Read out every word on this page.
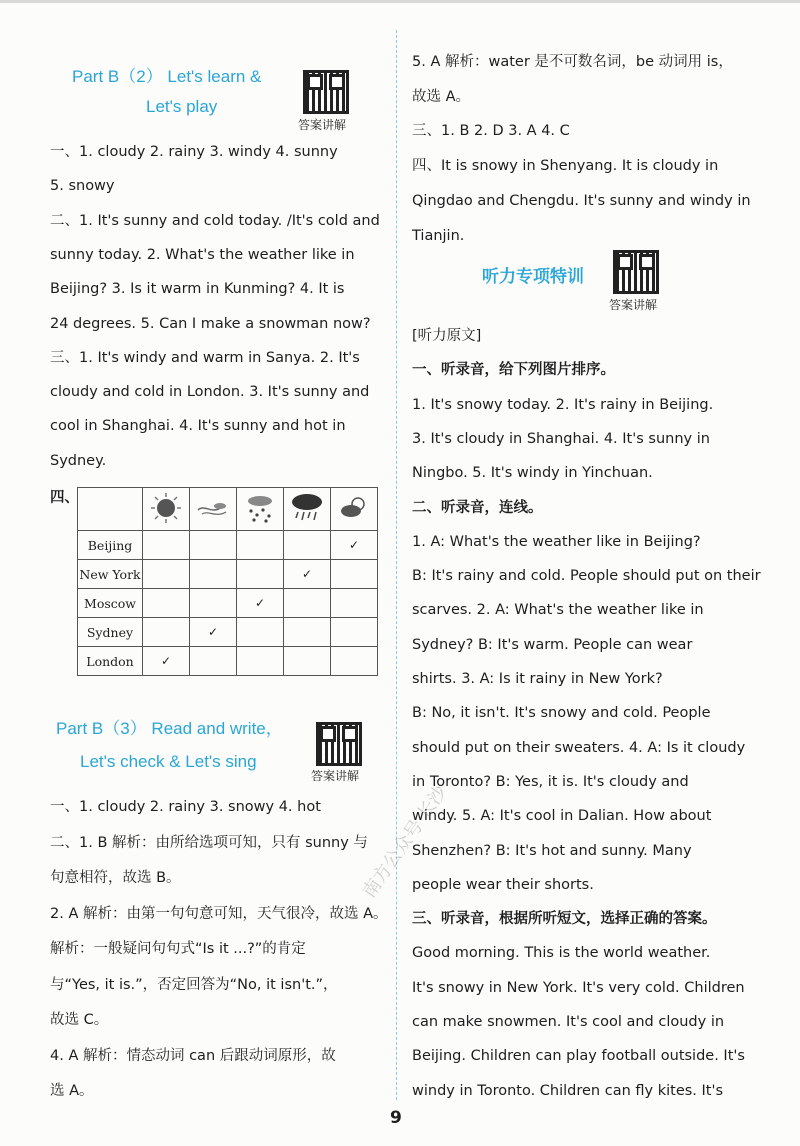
Part B（2） Let's learn &
Let's play
答案讲解
一、1. cloudy 2. rainy 3. windy 4. sunny
5. snowy
二、1. It's sunny and cold today. /It's cold and
sunny today. 2. What's the weather like in
Beijing? 3. Is it warm in Kunming? 4. It is
24 degrees. 5. Can I make a snowman now?
三、1. It's windy and warm in Sanya. 2. It's
cloudy and cold in London. 3. It's sunny and
cool in Shanghai. 4. It's sunny and hot in
Sydney.
四、

Beijing					✓
New York				✓	
Moscow			✓		
Sydney		✓			
London	✓				
Part B（3） Read and write，
Let's check & Let's sing
答案讲解
一、1. cloudy 2. rainy 3. snowy 4. hot
二、1. B 解析：由所给选项可知，只有 sunny 与
句意相符，故选 B。
2. A 解析：由第一句句意可知，天气很冷，故选 A。
解析：一般疑问句句式“Is it ...?”的肯定
与“Yes, it is.”，否定回答为“No, it isn't.”，
故选 C。
4. A 解析：情态动词 can 后跟动词原形，故
选 A。
5. A 解析：water 是不可数名词，be 动词用 is，
故选 A。
三、1. B 2. D 3. A 4. C
四、It is snowy in Shenyang. It is cloudy in
Qingdao and Chengdu. It's sunny and windy in
Tianjin.
听力专项特训
答案讲解
[听力原文]
一、听录音，给下列图片排序。
1. It's snowy today. 2. It's rainy in Beijing.
3. It's cloudy in Shanghai. 4. It's sunny in
Ningbo. 5. It's windy in Yinchuan.
二、听录音，连线。
1. A: What's the weather like in Beijing?
B: It's rainy and cold. People should put on their
scarves. 2. A: What's the weather like in
Sydney? B: It's warm. People can wear
shirts. 3. A: Is it rainy in New York?
B: No, it isn't. It's snowy and cold. People
should put on their sweaters. 4. A: Is it cloudy
in Toronto? B: Yes, it is. It's cloudy and
windy. 5. A: It's cool in Dalian. How about
Shenzhen? B: It's hot and sunny. Many
people wear their shorts.
三、听录音，根据所听短文，选择正确的答案。
Good morning. This is the world weather.
It's snowy in New York. It's very cold. Children
can make snowmen. It's cool and cloudy in
Beijing. Children can play football outside. It's
windy in Toronto. Children can fly kites. It's
南方公众号 长沙
9
